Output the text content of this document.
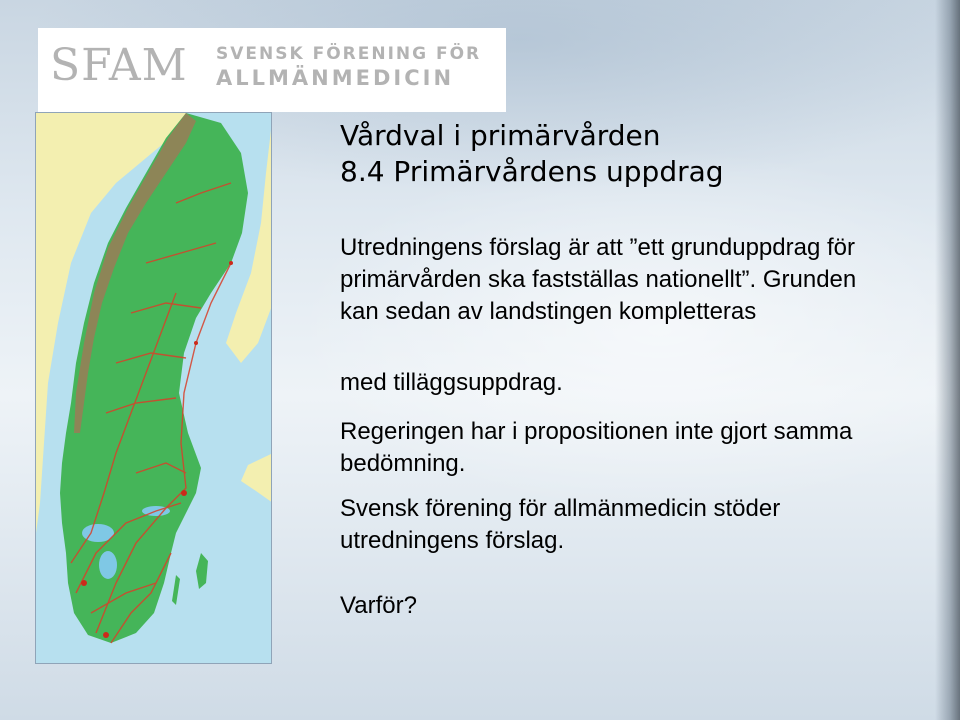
SFAM SVENSK FÖRENING FÖR
ALLMÄNMEDICIN
Vårdval i primärvården
8.4 Primärvårdens uppdrag
Utredningens förslag är att ”ett grunduppdrag för primärvården ska fastställas nationellt”. Grunden kan sedan av landstingen kompletteras
med tilläggsuppdrag.
Regeringen har i propositionen inte gjort samma bedömning.
Svensk förening för allmänmedicin stöder utredningens förslag.
Varför?
